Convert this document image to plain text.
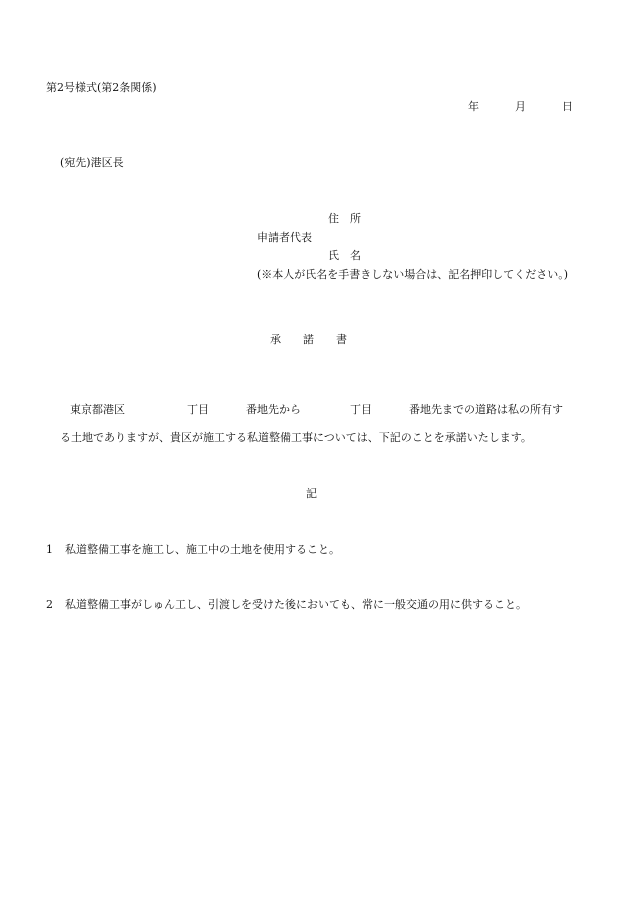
第2号様式(第2条関係)
年	月	日
(宛先)港区長
住　所
申請者代表
氏　名
(※本人が氏名を手書きしない場合は、記名押印してください。)
承　　諾　　書
東京都港区	丁目	番地先から	丁目	番地先までの道路は私の所有す
る土地でありますが、貴区が施工する私道整備工事については、下記のことを承諾いたします。
記
1 私道整備工事を施工し、施工中の土地を使用すること。
2 私道整備工事がしゅん工し、引渡しを受けた後においても、常に一般交通の用に供すること。
